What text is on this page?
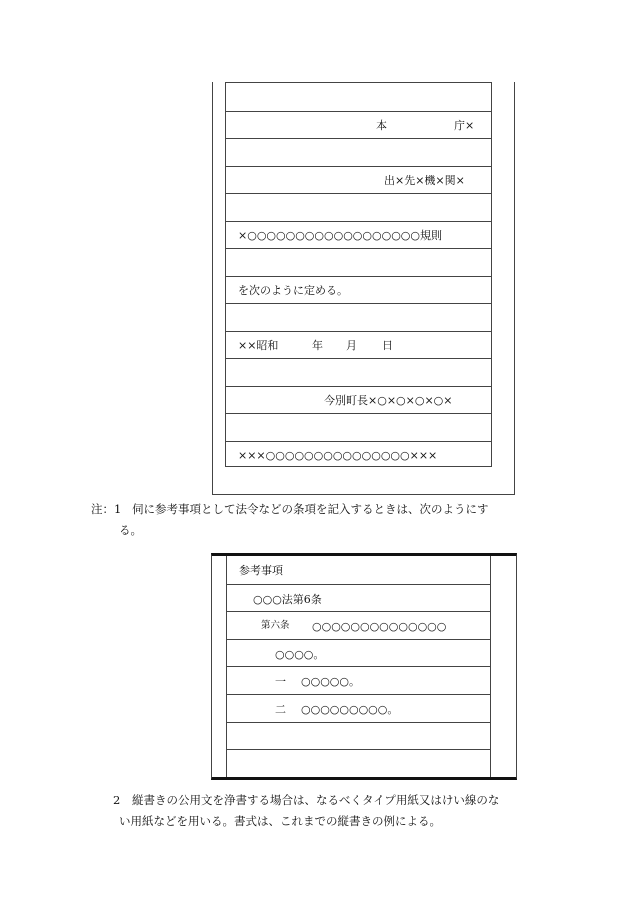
本	庁×
出×先×機×関×
×○○○○○○○○○○○○○○○○○○規則
を次のように定める。
××昭和	年 月 日
今別町長×○×○×○×○×
×××○○○○○○○○○○○○○○○×××
注：1 伺に参考事項として法令などの条項を記入するときは、次のようにす
る。
参考事項
○○○法第6条
第六条 ○○○○○○○○○○○○○○
○○○○。
一 ○○○○○。
二 ○○○○○○○○○。
2 縦書きの公用文を浄書する場合は、なるべくタイプ用紙又はけい線のな
い用紙などを用いる。書式は、これまでの縦書きの例による。
